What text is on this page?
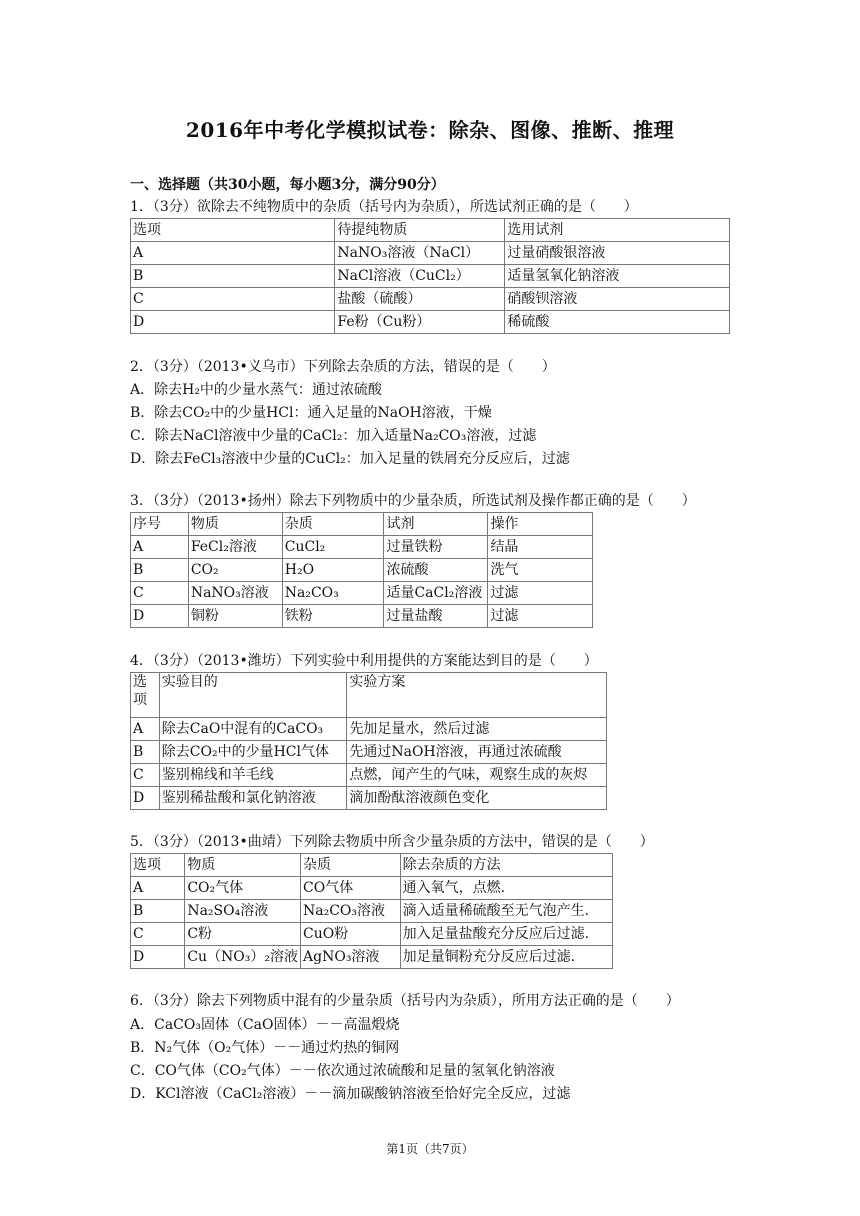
2016年中考化学模拟试卷：除杂、图像、推断、推理
一、选择题（共30小题，每小题3分，满分90分）
1．（3分）欲除去不纯物质中的杂质（括号内为杂质），所选试剂正确的是（　　）
选项	待提纯物质	选用试剂
A	NaNO₃溶液（NaCl）	过量硝酸银溶液
B	NaCl溶液（CuCl₂）	适量氢氧化钠溶液
C	盐酸（硫酸）	硝酸钡溶液
D	Fe粉（Cu粉）	稀硫酸
2．（3分）（2013•义乌市）下列除去杂质的方法，错误的是（　　）
A．除去H₂中的少量水蒸气：通过浓硫酸
B．除去CO₂中的少量HCl：通入足量的NaOH溶液，干燥
C．除去NaCl溶液中少量的CaCl₂：加入适量Na₂CO₃溶液，过滤
D．除去FeCl₃溶液中少量的CuCl₂：加入足量的铁屑充分反应后，过滤
3．（3分）（2013•扬州）除去下列物质中的少量杂质，所选试剂及操作都正确的是（　　）
序号	物质	杂质	试剂	操作
A	FeCl₂溶液	CuCl₂	过量铁粉	结晶
B	CO₂	H₂O	浓硫酸	洗气
C	NaNO₃溶液	Na₂CO₃	适量CaCl₂溶液	过滤
D	铜粉	铁粉	过量盐酸	过滤
4．（3分）（2013•潍坊）下列实验中利用提供的方案能达到目的是（　　）
选项	实验目的	实验方案
A	除去CaO中混有的CaCO₃	先加足量水，然后过滤
B	除去CO₂中的少量HCl气体	先通过NaOH溶液，再通过浓硫酸
C	鉴别棉线和羊毛线	点燃，闻产生的气味，观察生成的灰烬
D	鉴别稀盐酸和氯化钠溶液	滴加酚酞溶液颜色变化
5．（3分）（2013•曲靖）下列除去物质中所含少量杂质的方法中，错误的是（　　）
选项	物质	杂质	除去杂质的方法
A	CO₂气体	CO气体	通入氧气，点燃.
B	Na₂SO₄溶液	Na₂CO₃溶液	滴入适量稀硫酸至无气泡产生.
C	C粉	CuO粉	加入足量盐酸充分反应后过滤.
D	Cu（NO₃）₂溶液	AgNO₃溶液	加足量铜粉充分反应后过滤.
6．（3分）除去下列物质中混有的少量杂质（括号内为杂质），所用方法正确的是（　　）
A．CaCO₃固体（CaO固体）－－高温煅烧
B．N₂气体（O₂气体）－－通过灼热的铜网
C．CO气体（CO₂气体）－－依次通过浓硫酸和足量的氢氧化钠溶液
D．KCl溶液（CaCl₂溶液）－－滴加碳酸钠溶液至恰好完全反应，过滤
第1页（共7页）
